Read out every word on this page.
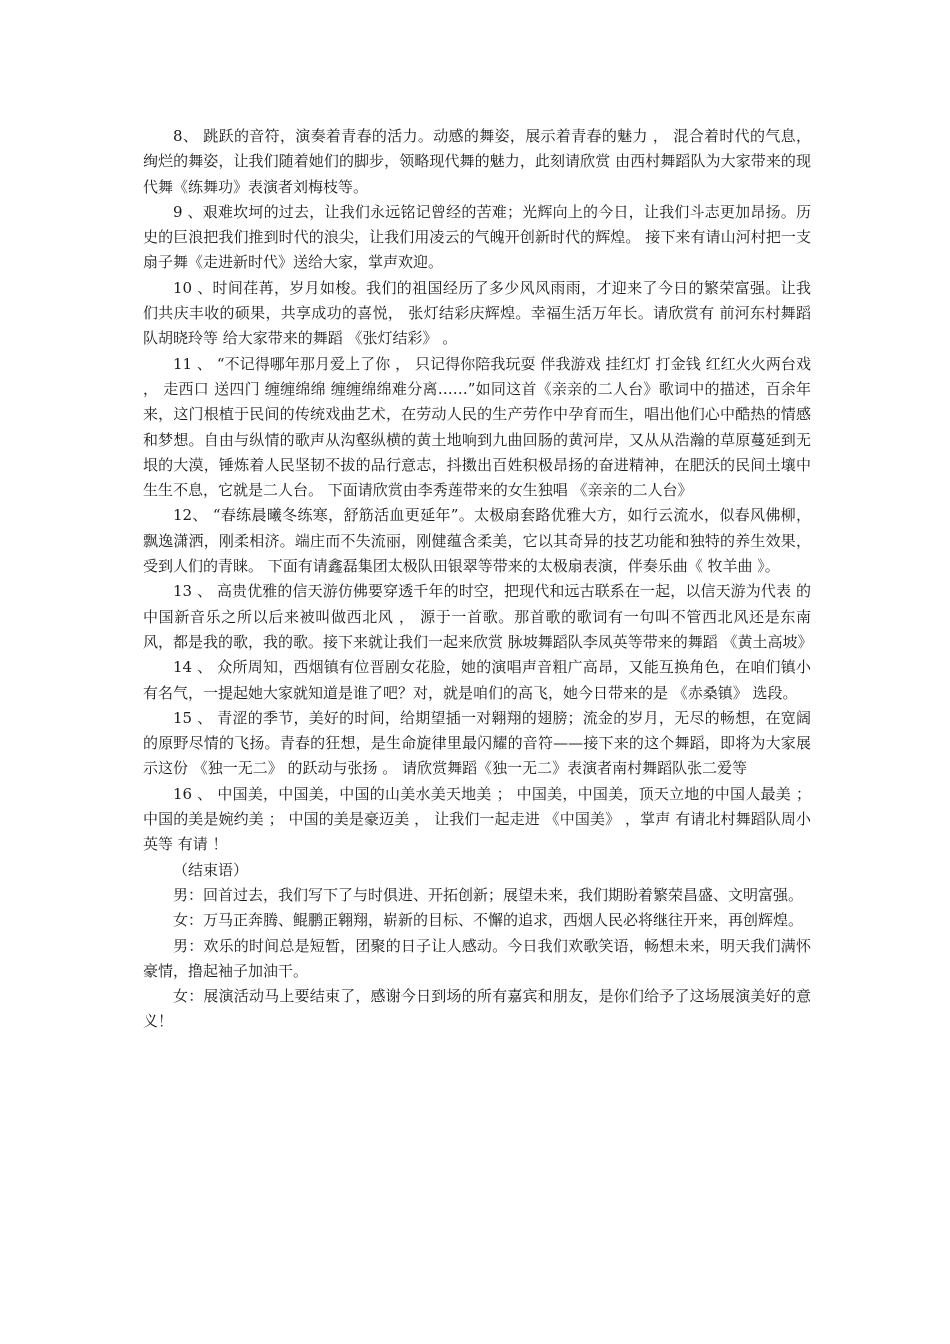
8、 跳跃的音符，演奏着青春的活力。动感的舞姿，展示着青春的魅力 ， 混合着时代的气息，绚烂的舞姿，让我们随着她们的脚步，领略现代舞的魅力，此刻请欣赏 由西村舞蹈队为大家带来的现代舞《练舞功》表演者刘梅枝等。

9 、艰难坎坷的过去，让我们永远铭记曾经的苦难；光辉向上的今日，让我们斗志更加昂扬。历史的巨浪把我们推到时代的浪尖，让我们用凌云的气魄开创新时代的辉煌。 接下来有请山河村把一支扇子舞《走进新时代》送给大家，掌声欢迎。

10 、时间荏苒，岁月如梭。我们的祖国经历了多少风风雨雨，才迎来了今日的繁荣富强。让我们共庆丰收的硕果，共享成功的喜悦， 张灯结彩庆辉煌。幸福生活万年长。请欣赏有 前河东村舞蹈队胡晓玲等 给大家带来的舞蹈 《张灯结彩》 。

11 、 “不记得哪年那月爱上了你 ， 只记得你陪我玩耍 伴我游戏 挂红灯 打金钱 红红火火两台戏 ， 走西口 送四门 缠缠绵绵 缠缠绵绵难分离……”如同这首《亲亲的二人台》歌词中的描述，百余年来，这门根植于民间的传统戏曲艺术，在劳动人民的生产劳作中孕育而生，唱出他们心中酷热的情感和梦想。自由与纵情的歌声从沟壑纵横的黄土地响到九曲回肠的黄河岸，又从从浩瀚的草原蔓延到无垠的大漠，锤炼着人民坚韧不拔的品行意志，抖擞出百姓积极昂扬的奋进精神，在肥沃的民间土壤中生生不息，它就是二人台。 下面请欣赏由李秀莲带来的女生独唱 《亲亲的二人台》

12、 “春练晨曦冬练寒，舒筋活血更延年”。太极扇套路优雅大方，如行云流水，似春风佛柳，飘逸潇洒，刚柔相济。端庄而不失流丽，刚健蕴含柔美，它以其奇异的技艺功能和独特的养生效果，受到人们的青睐。 下面有请鑫磊集团太极队田银翠等带来的太极扇表演，伴奏乐曲《 牧羊曲 》。

13 、 高贵优雅的信天游仿佛要穿透千年的时空，把现代和远古联系在一起，以信天游为代表 的 中国新音乐之所以后来被叫做西北风 ， 源于一首歌。那首歌的歌词有一句叫不管西北风还是东南风，都是我的歌，我的歌。接下来就让我们一起来欣赏 脉坡舞蹈队李凤英等带来的舞蹈 《黄土高坡》

14 、 众所周知，西烟镇有位晋剧女花脸，她的演唱声音粗广高昂，又能互换角色，在咱们镇小有名气，一提起她大家就知道是谁了吧？对，就是咱们的高飞，她今日带来的是 《赤桑镇》 选段。

15 、 青涩的季节，美好的时间，给期望插一对翱翔的翅膀；流金的岁月，无尽的畅想，在宽阔的原野尽情的飞扬。青春的狂想，是生命旋律里最闪耀的音符——接下来的这个舞蹈，即将为大家展示这份 《独一无二》 的跃动与张扬 。 请欣赏舞蹈《独一无二》表演者南村舞蹈队张二爱等

16 、 中国美，中国美，中国的山美水美天地美 ； 中国美，中国美，顶天立地的中国人最美 ； 中国的美是婉约美 ； 中国的美是豪迈美 ， 让我们一起走进 《中国美》 ，掌声 有请北村舞蹈队周小英等 有请 ！

（结束语）

男：回首过去，我们写下了与时俱进、开拓创新；展望未来，我们期盼着繁荣昌盛、文明富强。

女：万马正奔腾、鲲鹏正翱翔，崭新的目标、不懈的追求，西烟人民必将继往开来，再创辉煌。

男：欢乐的时间总是短暂，团聚的日子让人感动。今日我们欢歌笑语，畅想未来，明天我们满怀豪情，撸起袖子加油干。

女：展演活动马上要结束了，感谢今日到场的所有嘉宾和朋友，是你们给予了这场展演美好的意义！
